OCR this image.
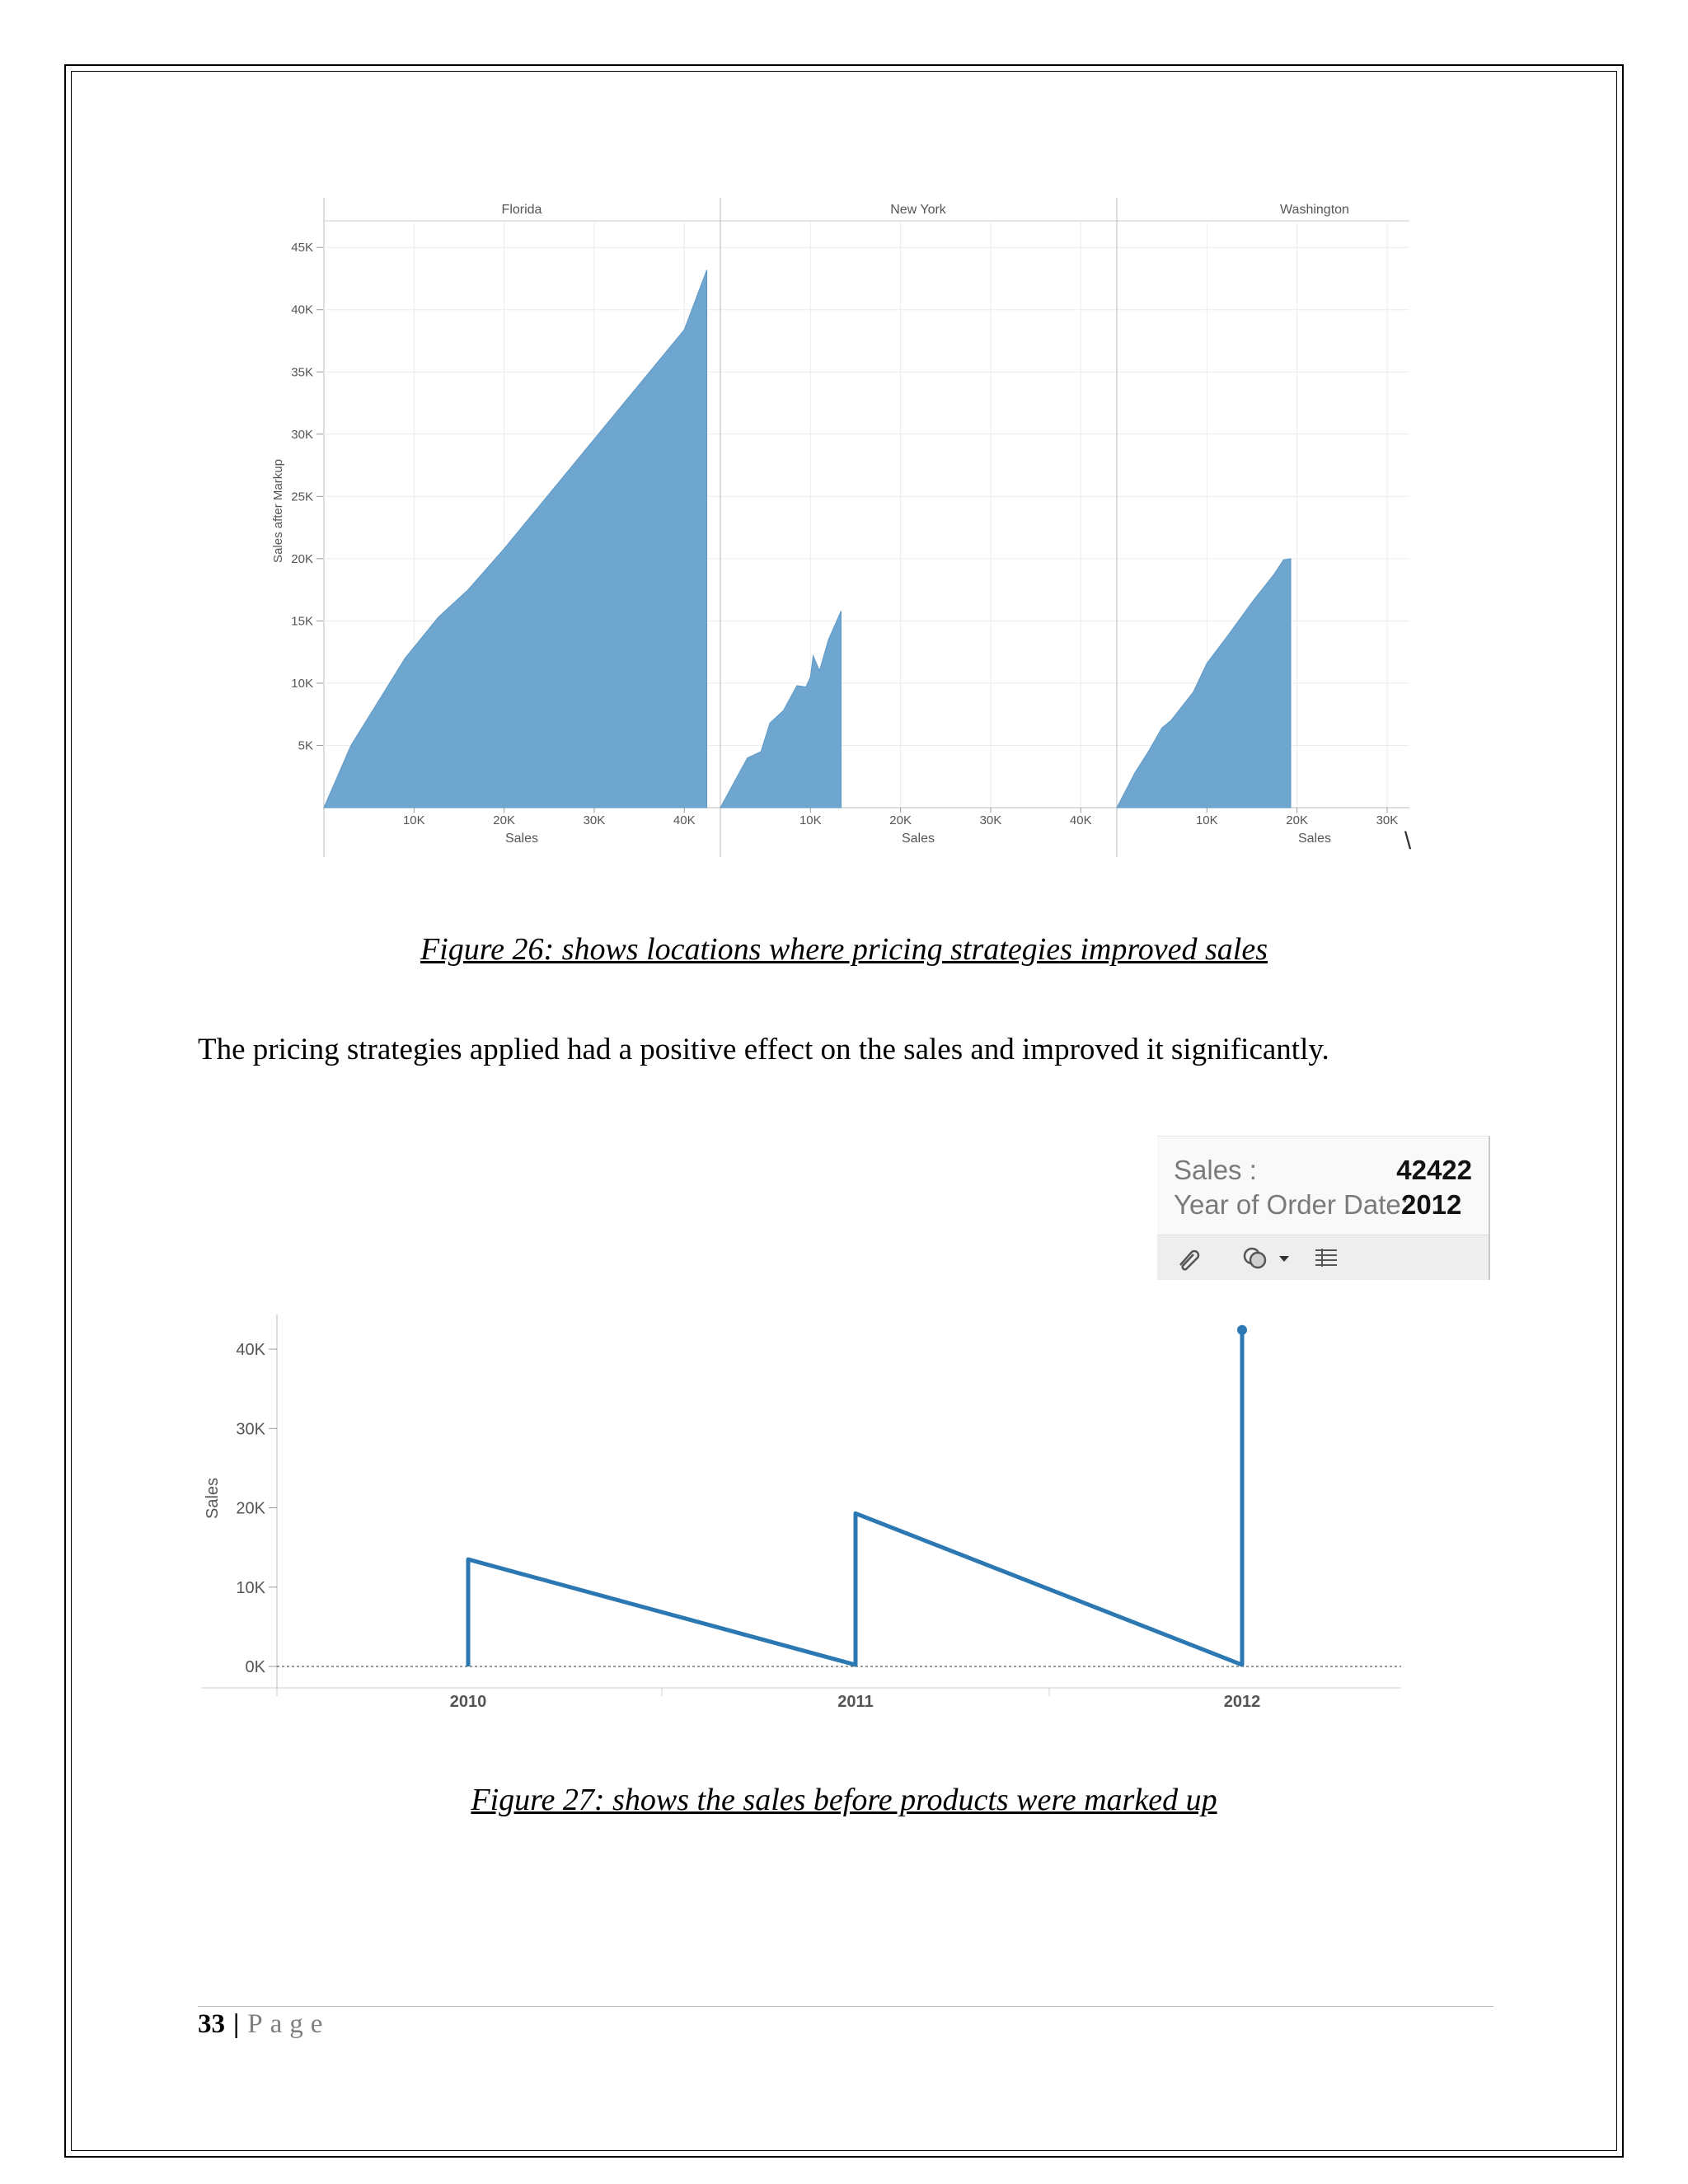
Sales after Markup
45K
40K
35K
30K
25K
20K
15K
10K
5K
Florida
10K	20K	30K	40K
Sales
New York
10K	20K	30K	40K
Sales
Washington
10K	20K	30K
Sales	\
Figure 26: shows locations where pricing strategies improved sales
The pricing strategies applied had a positive effect on the sales and improved it significantly.
Sales :	42422
Year of Order Date:
2012
Sales
40K
30K
20K
10K
0K
2010	2011	2012
Figure 27: shows the sales before products were marked up
33 | Page
